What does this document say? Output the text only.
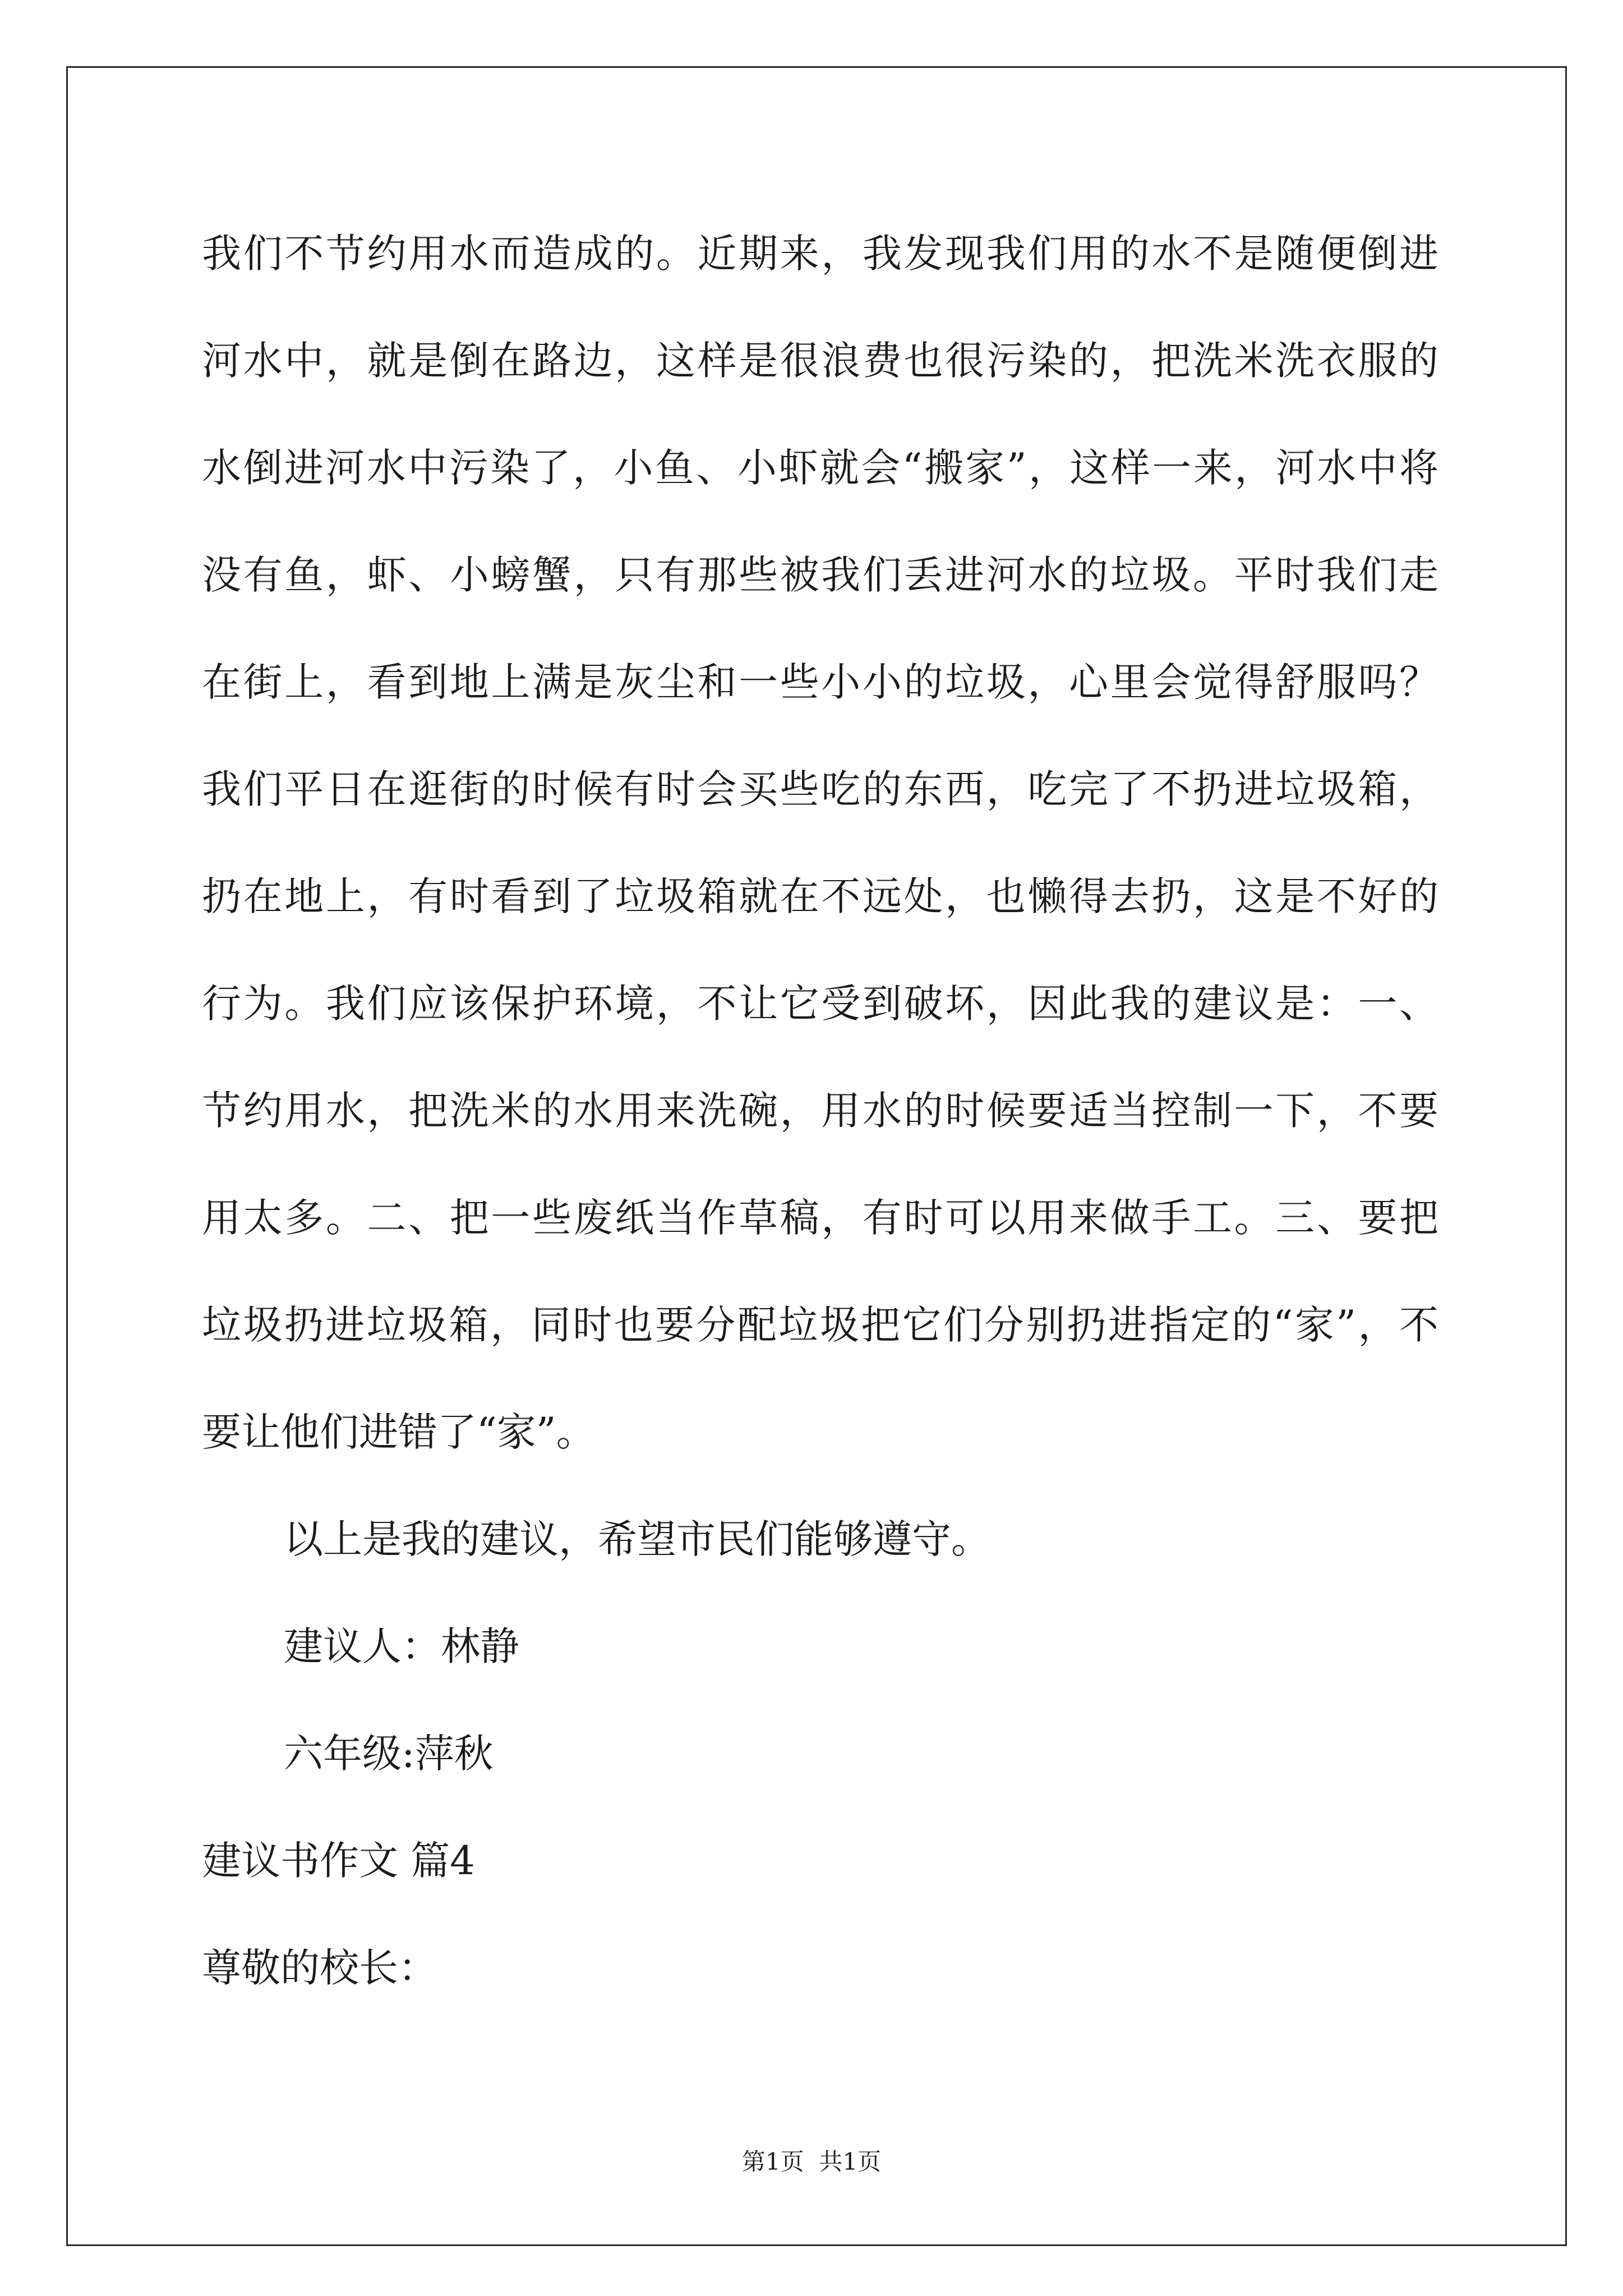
我们不节约用水而造成的。近期来，我发现我们用的水不是随便倒进
河水中，就是倒在路边，这样是很浪费也很污染的，把洗米洗衣服的
水倒进河水中污染了，小鱼、小虾就会“搬家”，这样一来，河水中将
没有鱼，虾、小螃蟹，只有那些被我们丢进河水的垃圾。平时我们走
在街上，看到地上满是灰尘和一些小小的垃圾，心里会觉得舒服吗？
我们平日在逛街的时候有时会买些吃的东西，吃完了不扔进垃圾箱，
扔在地上，有时看到了垃圾箱就在不远处，也懒得去扔，这是不好的
行为。我们应该保护环境，不让它受到破坏，因此我的建议是：一、
节约用水，把洗米的水用来洗碗，用水的时候要适当控制一下，不要
用太多。二、把一些废纸当作草稿，有时可以用来做手工。三、要把
垃圾扔进垃圾箱，同时也要分配垃圾把它们分别扔进指定的“家”，不
要让他们进错了“家”。
以上是我的建议，希望市民们能够遵守。
建议人：林静
六年级:萍秋
建议书作文 篇4
尊敬的校长：
第1页  共1页
